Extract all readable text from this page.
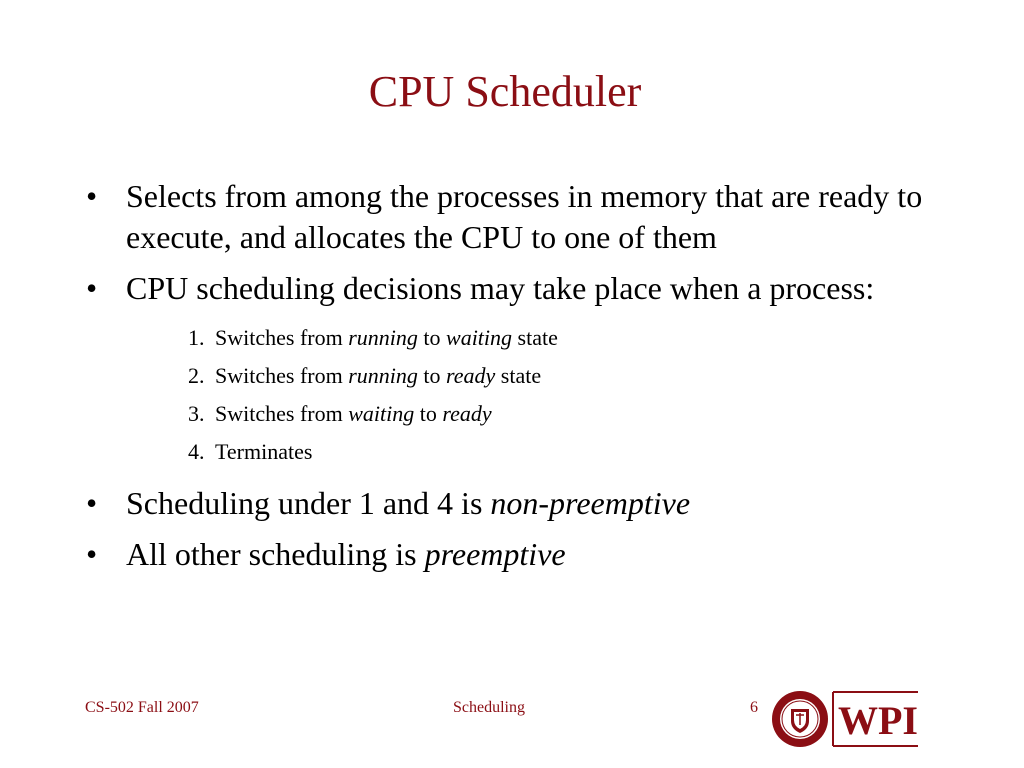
CPU Scheduler
• Selects from among the processes in memory that are ready to execute, and allocates the CPU to one of them
• CPU scheduling decisions may take place when a process:
1. Switches from running to waiting state
2. Switches from running to ready state
3. Switches from waiting to ready
4. Terminates
• Scheduling under 1 and 4 is non-preemptive
• All other scheduling is preemptive
CS-502 Fall 2007	Scheduling	6 WPI
